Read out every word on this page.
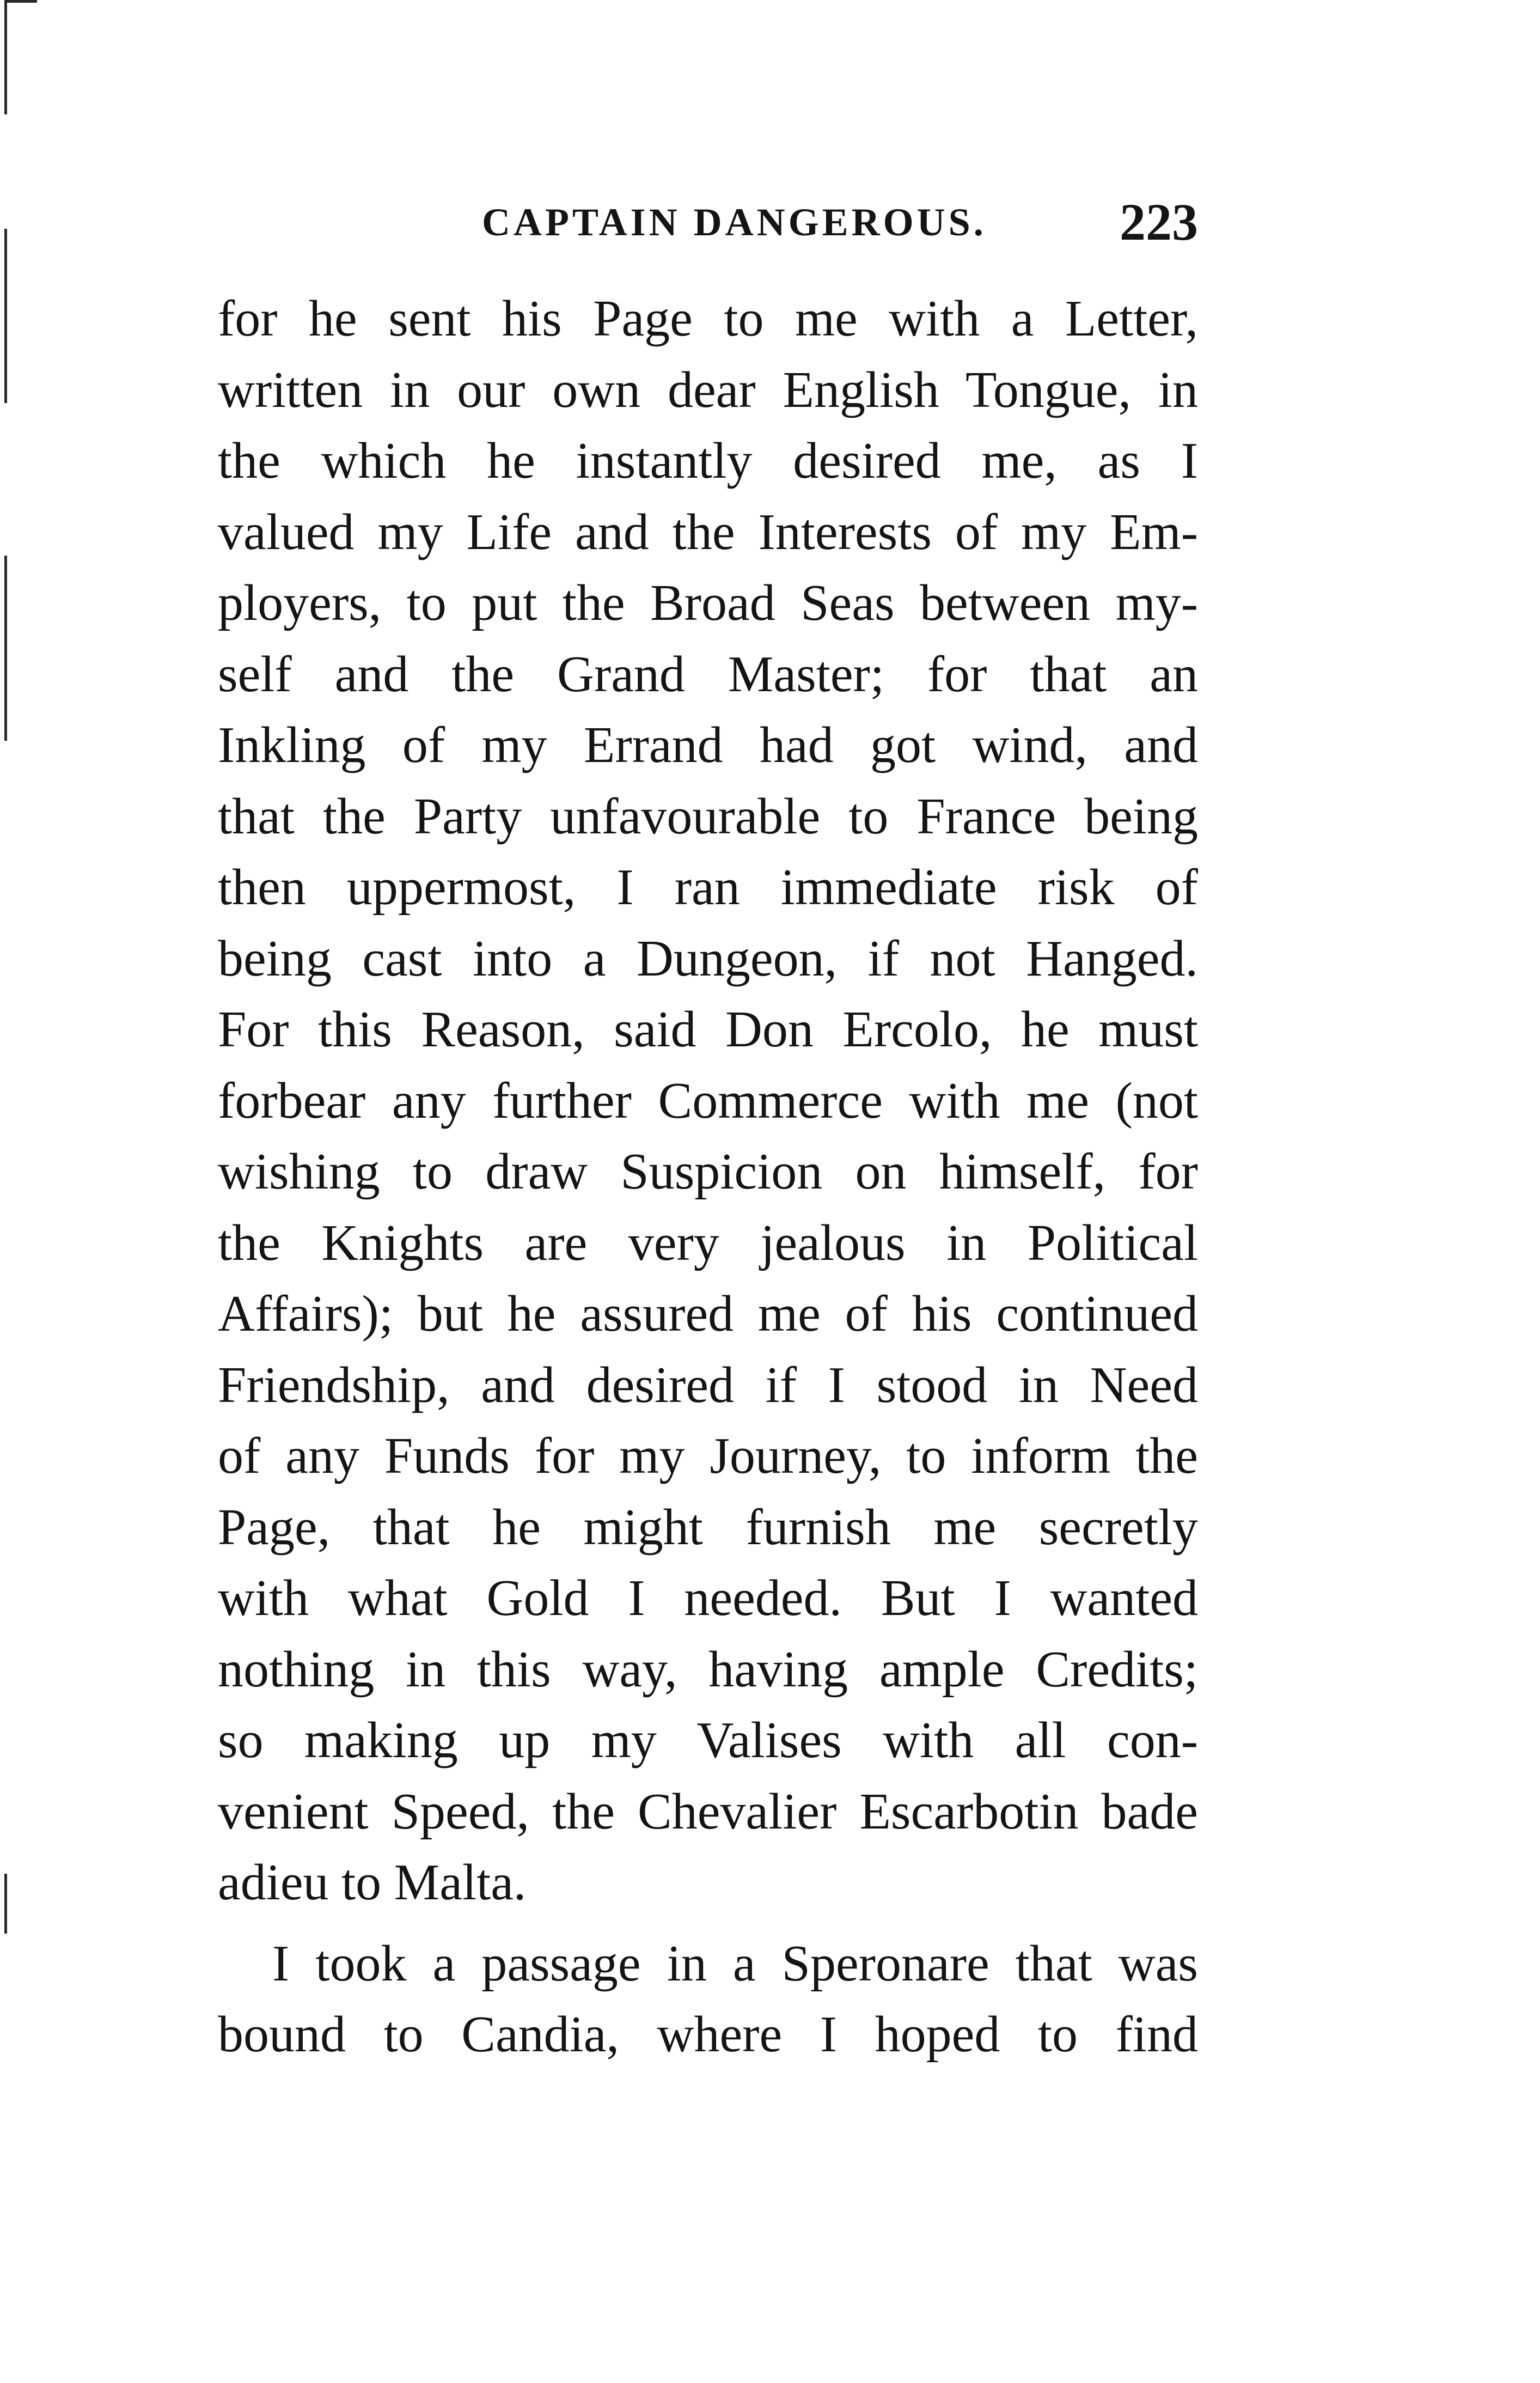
CAPTAIN DANGEROUS.	223
for he sent his Page to me with a Letter,
written in our own dear English Tongue, in
the which he instantly desired me, as I
valued my Life and the Interests of my Em-
ployers, to put the Broad Seas between my-
self and the Grand Master; for that an
Inkling of my Errand had got wind, and
that the Party unfavourable to France being
then uppermost, I ran immediate risk of
being cast into a Dungeon, if not Hanged.
For this Reason, said Don Ercolo, he must
forbear any further Commerce with me (not
wishing to draw Suspicion on himself, for
the Knights are very jealous in Political
Affairs); but he assured me of his continued
Friendship, and desired if I stood in Need
of any Funds for my Journey, to inform the
Page, that he might furnish me secretly
with what Gold I needed. But I wanted
nothing in this way, having ample Credits;
so making up my Valises with all con-
venient Speed, the Chevalier Escarbotin bade
adieu to Malta.
I took a passage in a Speronare that was
bound to Candia, where I hoped to find
